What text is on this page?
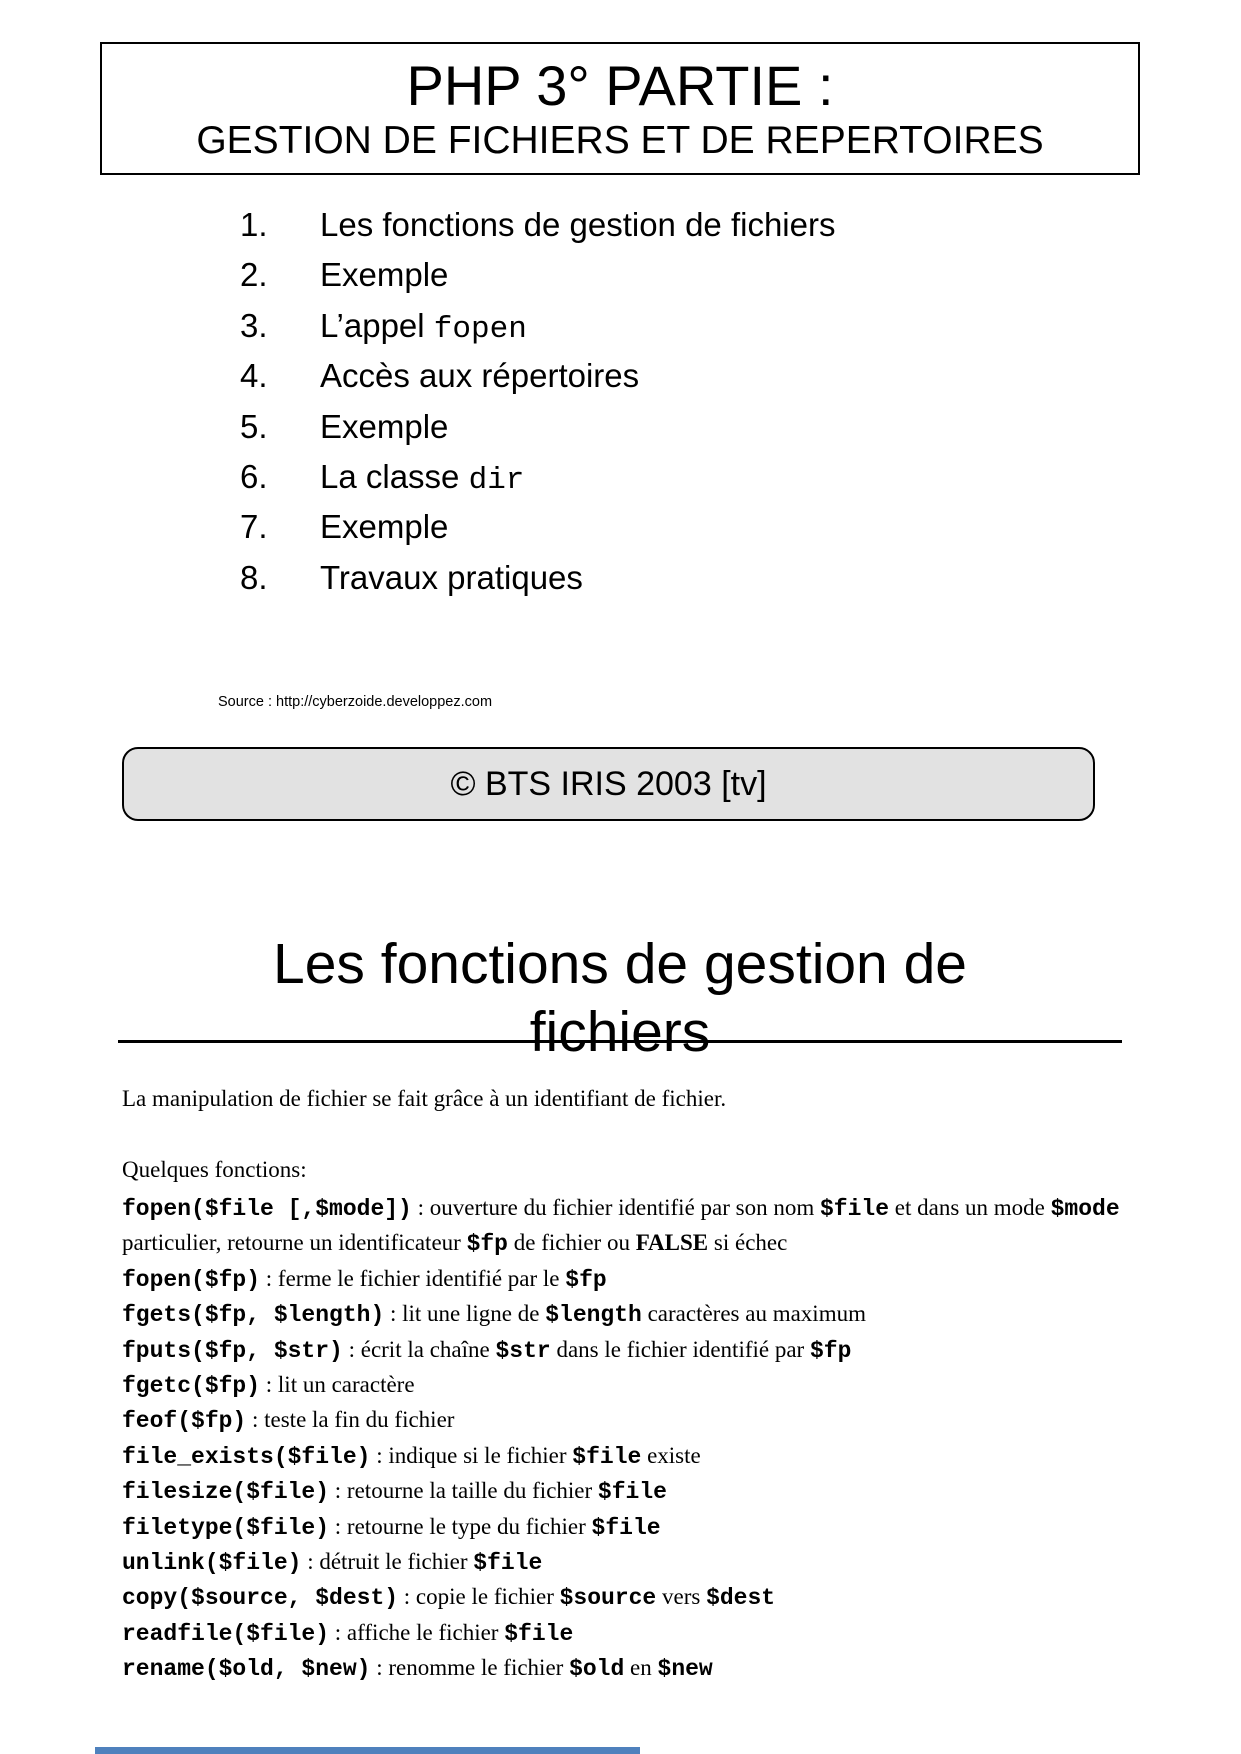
PHP 3° PARTIE :
GESTION DE FICHIERS ET DE REPERTOIRES
1.	Les fonctions de gestion de fichiers
2.	Exemple
3.	L’appel fopen
4.	Accès aux répertoires
5.	Exemple
6.	La classe dir
7.	Exemple
8.	Travaux pratiques
Source : http://cyberzoide.developpez.com
© BTS IRIS 2003 [tv]
Les fonctions de gestion de
fichiers
La manipulation de fichier se fait grâce à un identifiant de fichier.
Quelques fonctions:

fopen($file [,$mode]) : ouverture du fichier identifié par son nom $file et dans un mode $mode particulier, retourne un identificateur $fp de fichier ou FALSE si échec

fopen($fp) : ferme le fichier identifié par le $fp

fgets($fp, $length) : lit une ligne de $length caractères au maximum

fputs($fp, $str) : écrit la chaîne $str dans le fichier identifié par $fp

fgetc($fp) : lit un caractère

feof($fp) : teste la fin du fichier

file_exists($file) : indique si le fichier $file existe

filesize($file) : retourne la taille du fichier $file

filetype($file) : retourne le type du fichier $file

unlink($file) : détruit le fichier $file

copy($source, $dest) : copie le fichier $source vers $dest

readfile($file) : affiche le fichier $file

rename($old, $new) : renomme le fichier $old en $new
